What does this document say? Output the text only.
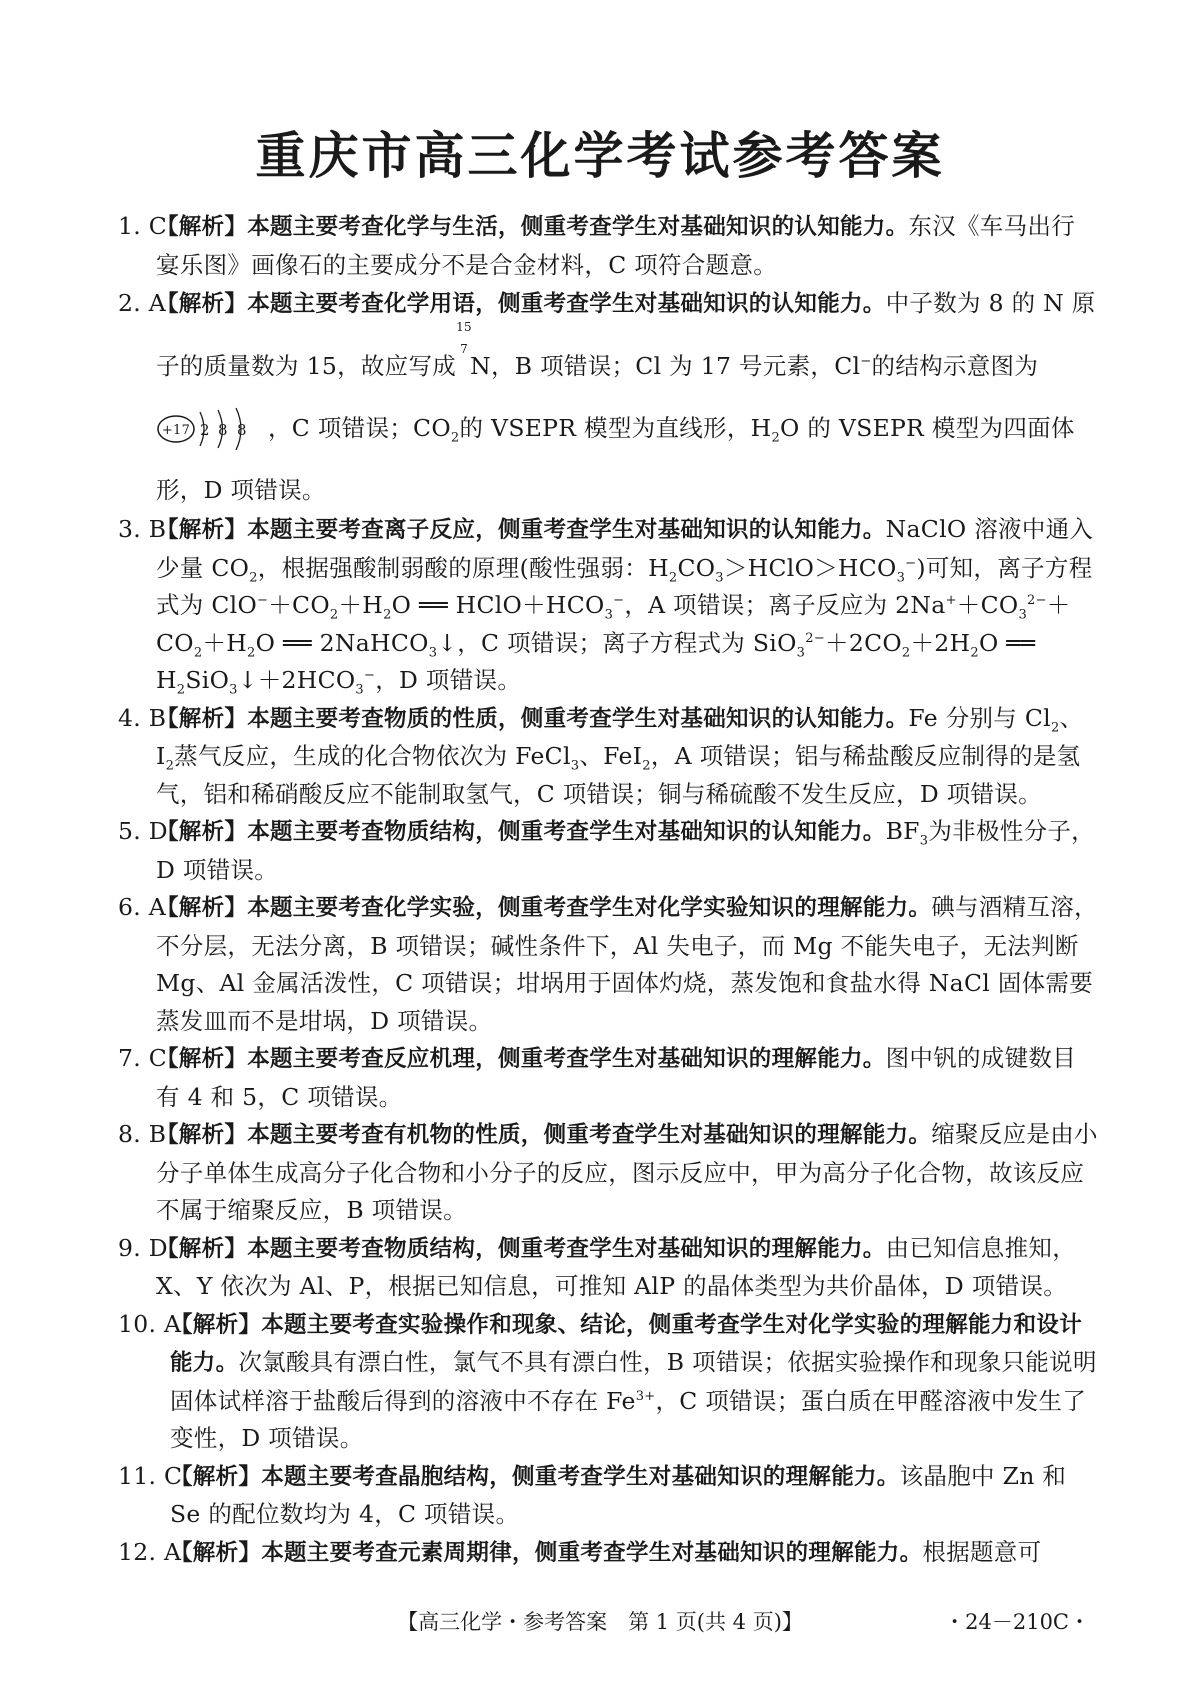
重庆市高三化学考试参考答案

1. C
【解析】本题主要考查化学与生活，侧重考查学生对基础知识的认知能力。东汉《车马出行宴乐图》画像石的主要成分不是合金材料，C 项符合题意。

2. A
【解析】本题主要考查化学用语，侧重考查学生对基础知识的认知能力。中子数为 8 的 N 原子的质量数为 15，故应写成
15
7
N，B 项错误；Cl 为 17 号元素，Cl−的结构示意图为
+17 2 8 8 ，C 项错误；$CO_2$的 VSEPR 模型为直线形，$H_2O$ 的 VSEPR 模型为四面体形，D 项错误。

3. B
【解析】本题主要考查离子反应，侧重考查学生对基础知识的认知能力。NaClO 溶液中通入少量 $CO_2$，根据强酸制弱酸的原理(酸性强弱：$H_2CO_3>HClO>HCO_3^-$)可知，离子方程式为 $ClO^-+CO_2+H_2O$ ══ $HClO+HCO_3^-$，A 项错误；离子反应为 $2Na^++CO_3^{2-}+CO_2+H_2O$ ══ 2NaHCO$_3$↓，C 项错误；离子方程式为 $SiO_3^{2-}+2CO_2+2H_2O$ ══ $H_2SiO_3↓+2HCO_3^-$，D 项错误。

4. B
【解析】本题主要考查物质的性质，侧重考查学生对基础知识的认知能力。Fe 分别与 $Cl_2$、$I_2$蒸气反应，生成的化合物依次为 FeCl$_3$、FeI$_2$，A 项错误；铝与稀盐酸反应制得的是氢气，铝和稀硝酸反应不能制取氢气，C 项错误；铜与稀硫酸不发生反应，D 项错误。

5. D
【解析】本题主要考查物质结构，侧重考查学生对基础知识的认知能力。$BF_3$为非极性分子，D 项错误。

6. A
【解析】本题主要考查化学实验，侧重考查学生对化学实验知识的理解能力。碘与酒精互溶，不分层，无法分离，B 项错误；碱性条件下，Al 失电子，而 Mg 不能失电子，无法判断 Mg、Al 金属活泼性，C 项错误；坩埚用于固体灼烧，蒸发饱和食盐水得 NaCl 固体需要蒸发皿而不是坩埚，D 项错误。

7. C
【解析】本题主要考查反应机理，侧重考查学生对基础知识的理解能力。图中钒的成键数目有 4 和 5，C 项错误。

8. B
【解析】本题主要考查有机物的性质，侧重考查学生对基础知识的理解能力。缩聚反应是由小分子单体生成高分子化合物和小分子的反应，图示反应中，甲为高分子化合物，故该反应不属于缩聚反应，B 项错误。

9. D
【解析】本题主要考查物质结构，侧重考查学生对基础知识的理解能力。由已知信息推知，X、Y 依次为 Al、P，根据已知信息，可推知 AlP 的晶体类型为共价晶体，D 项错误。

10. A
【解析】本题主要考查实验操作和现象、结论，侧重考查学生对化学实验的理解能力和设计能力。次氯酸具有漂白性，氯气不具有漂白性，B 项错误；依据实验操作和现象只能说明固体试样溶于盐酸后得到的溶液中不存在 $Fe^{3+}$，C 项错误；蛋白质在甲醛溶液中发生了变性，D 项错误。

11. C
【解析】本题主要考查晶胞结构，侧重考查学生对基础知识的理解能力。该晶胞中 Zn 和 Se 的配位数均为 4，C 项错误。

12. A
【解析】本题主要考查元素周期律，侧重考查学生对基础知识的理解能力。根据题意可

【高三化学・参考答案　第 1 页(共 4 页)】	・24－210C・
